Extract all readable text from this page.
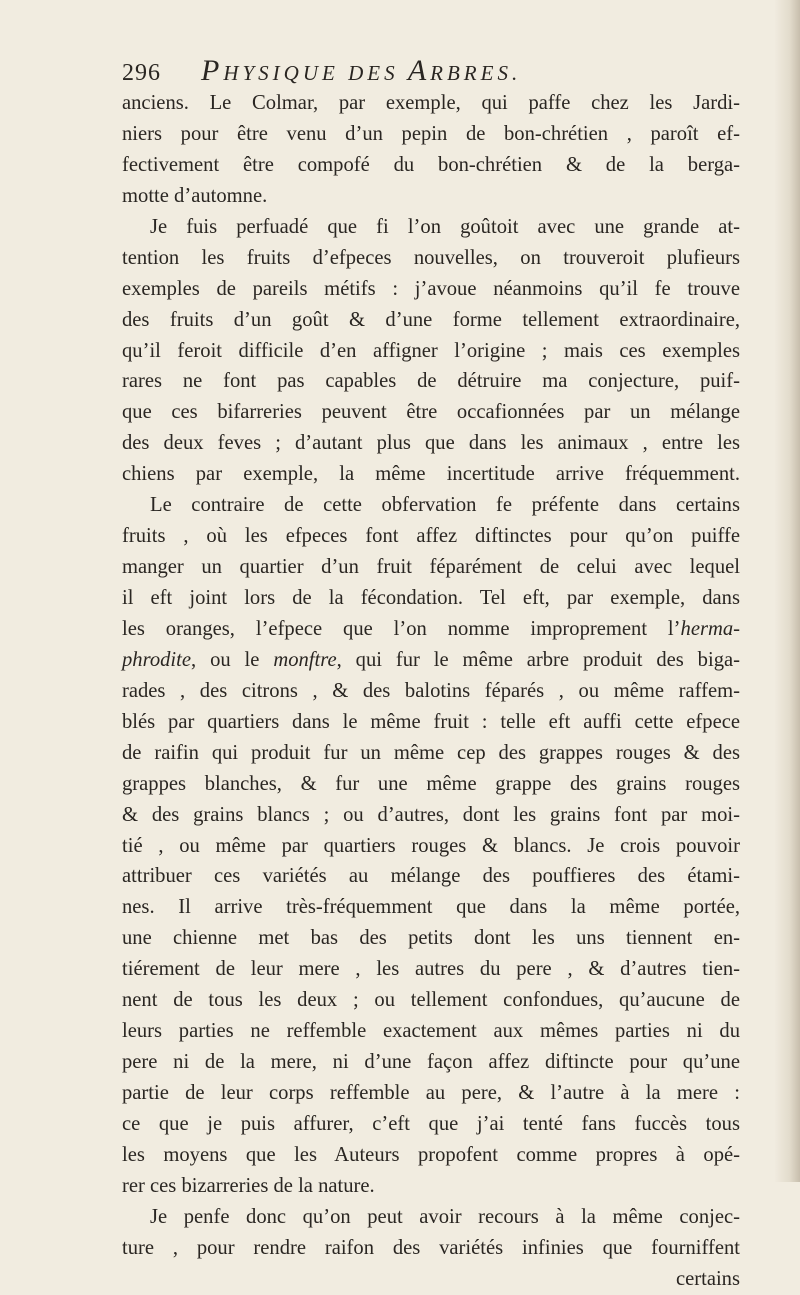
296 PHYSIQUE DES ARBRES.
anciens. Le Colmar, par exemple, qui paffe chez les Jardi-
niers pour être venu d’un pepin de bon-chrétien , paroît ef-
fectivement être compofé du bon-chrétien & de la berga-
motte d’automne.
Je fuis perfuadé que fi l’on goûtoit avec une grande at-
tention les fruits d’efpeces nouvelles, on trouveroit plufieurs
exemples de pareils métifs : j’avoue néanmoins qu’il fe trouve
des fruits d’un goût & d’une forme tellement extraordinaire,
qu’il feroit difficile d’en affigner l’origine ; mais ces exemples
rares ne font pas capables de détruire ma conjecture, puif-
que ces bifarreries peuvent être occafionnées par un mélange
des deux feves ; d’autant plus que dans les animaux , entre les
chiens par exemple, la même incertitude arrive fréquemment.
Le contraire de cette obfervation fe préfente dans certains
fruits , où les efpeces font affez diftinctes pour qu’on puiffe
manger un quartier d’un fruit féparément de celui avec lequel
il eft joint lors de la fécondation. Tel eft, par exemple, dans
les oranges, l’efpece que l’on nomme improprement l’herma-
phrodite, ou le monftre, qui fur le même arbre produit des biga-
rades , des citrons , & des balotins féparés , ou même raffem-
blés par quartiers dans le même fruit : telle eft auffi cette efpece
de raifin qui produit fur un même cep des grappes rouges & des
grappes blanches, & fur une même grappe des grains rouges
& des grains blancs ; ou d’autres, dont les grains font par moi-
tié , ou même par quartiers rouges & blancs. Je crois pouvoir
attribuer ces variétés au mélange des pouffieres des étami-
nes. Il arrive très-fréquemment que dans la même portée,
une chienne met bas des petits dont les uns tiennent en-
tiérement de leur mere , les autres du pere , & d’autres tien-
nent de tous les deux ; ou tellement confondues, qu’aucune de
leurs parties ne reffemble exactement aux mêmes parties ni du
pere ni de la mere, ni d’une façon affez diftincte pour qu’une
partie de leur corps reffemble au pere, & l’autre à la mere :
ce que je puis affurer, c’eft que j’ai tenté fans fuccès tous
les moyens que les Auteurs propofent comme propres à opé-
rer ces bizarreries de la nature.
Je penfe donc qu’on peut avoir recours à la même conjec-
ture , pour rendre raifon des variétés infinies que fourniffent
certains
